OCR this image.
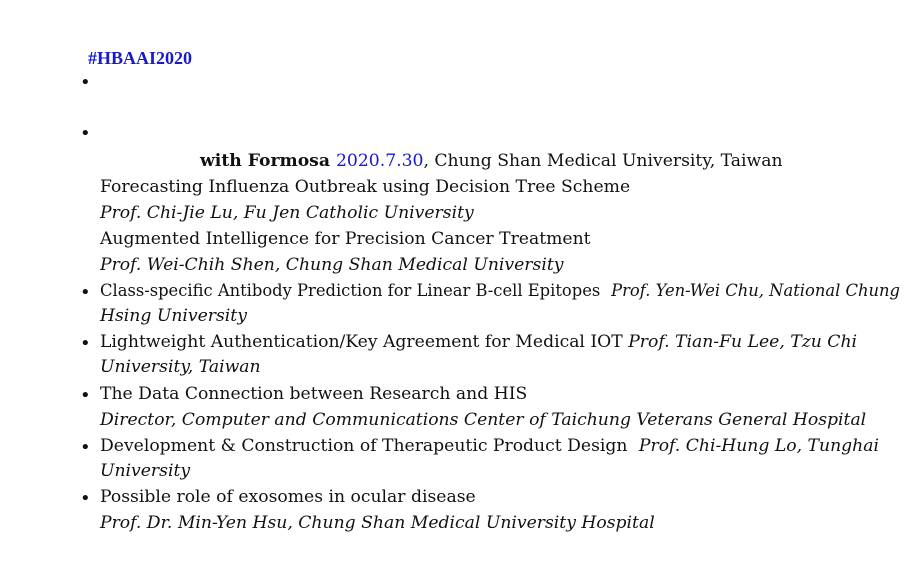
#HBAAI2020
•
•
with Formosa 2020.7.30, Chung Shan Medical University, Taiwan
Forecasting Influenza Outbreak using Decision Tree Scheme
Prof. Chi-Jie Lu, Fu Jen Catholic University
Augmented Intelligence for Precision Cancer Treatment
Prof. Wei-Chih Shen, Chung Shan Medical University
• Class-specific Antibody Prediction for Linear B-cell Epitopes Prof. Yen-Wei Chu, National Chung
Hsing University
• Lightweight Authentication/Key Agreement for Medical IOT Prof. Tian-Fu Lee, Tzu Chi
University, Taiwan
• The Data Connection between Research and HIS
Director, Computer and Communications Center of Taichung Veterans General Hospital
• Development & Construction of Therapeutic Product Design Prof. Chi-Hung Lo, Tunghai
University
• Possible role of exosomes in ocular disease
Prof. Dr. Min-Yen Hsu, Chung Shan Medical University Hospital
